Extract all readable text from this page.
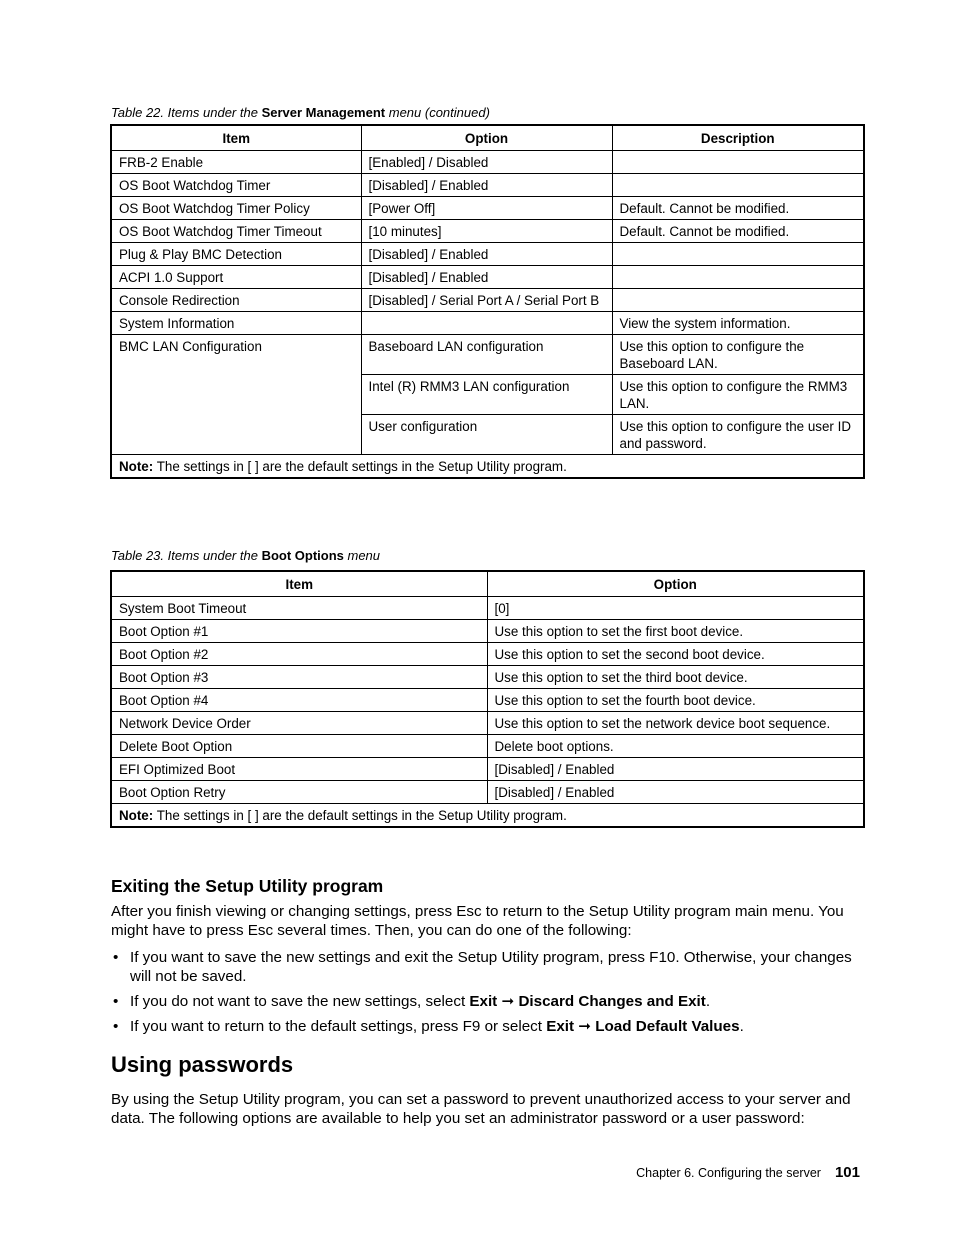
Table 22. Items under the Server Management menu (continued)
Item	Option	Description
FRB-2 Enable	[Enabled] / Disabled	
OS Boot Watchdog Timer	[Disabled] / Enabled	
OS Boot Watchdog Timer Policy	[Power Off]	Default. Cannot be modified.
OS Boot Watchdog Timer Timeout	[10 minutes]	Default. Cannot be modified.
Plug & Play BMC Detection	[Disabled] / Enabled	
ACPI 1.0 Support	[Disabled] / Enabled	
Console Redirection	[Disabled] / Serial Port A / Serial Port B	
System Information		View the system information.
BMC LAN Configuration	Baseboard LAN configuration	Use this option to configure the Baseboard LAN.
	Intel (R) RMM3 LAN configuration	Use this option to configure the RMM3 LAN.
	User configuration	Use this option to configure the user ID and password.
Note: The settings in [ ] are the default settings in the Setup Utility program.		
Table 23. Items under the Boot Options menu
Item	Option
System Boot Timeout	[0]
Boot Option #1	Use this option to set the first boot device.
Boot Option #2	Use this option to set the second boot device.
Boot Option #3	Use this option to set the third boot device.
Boot Option #4	Use this option to set the fourth boot device.
Network Device Order	Use this option to set the network device boot sequence.
Delete Boot Option	Delete boot options.
EFI Optimized Boot	[Disabled] / Enabled
Boot Option Retry	[Disabled] / Enabled
Note: The settings in [ ] are the default settings in the Setup Utility program.	
Exiting the Setup Utility program

After you finish viewing or changing settings, press Esc to return to the Setup Utility program main menu. You might have to press Esc several times. Then, you can do one of the following:

• If you want to save the new settings and exit the Setup Utility program, press F10. Otherwise, your changes will not be saved.
• If you do not want to save the new settings, select Exit ➞ Discard Changes and Exit.
• If you want to return to the default settings, press F9 or select Exit ➞ Load Default Values.
Using passwords

By using the Setup Utility program, you can set a password to prevent unauthorized access to your server and data. The following options are available to help you set an administrator password or a user password:

Chapter 6. Configuring the server 101
